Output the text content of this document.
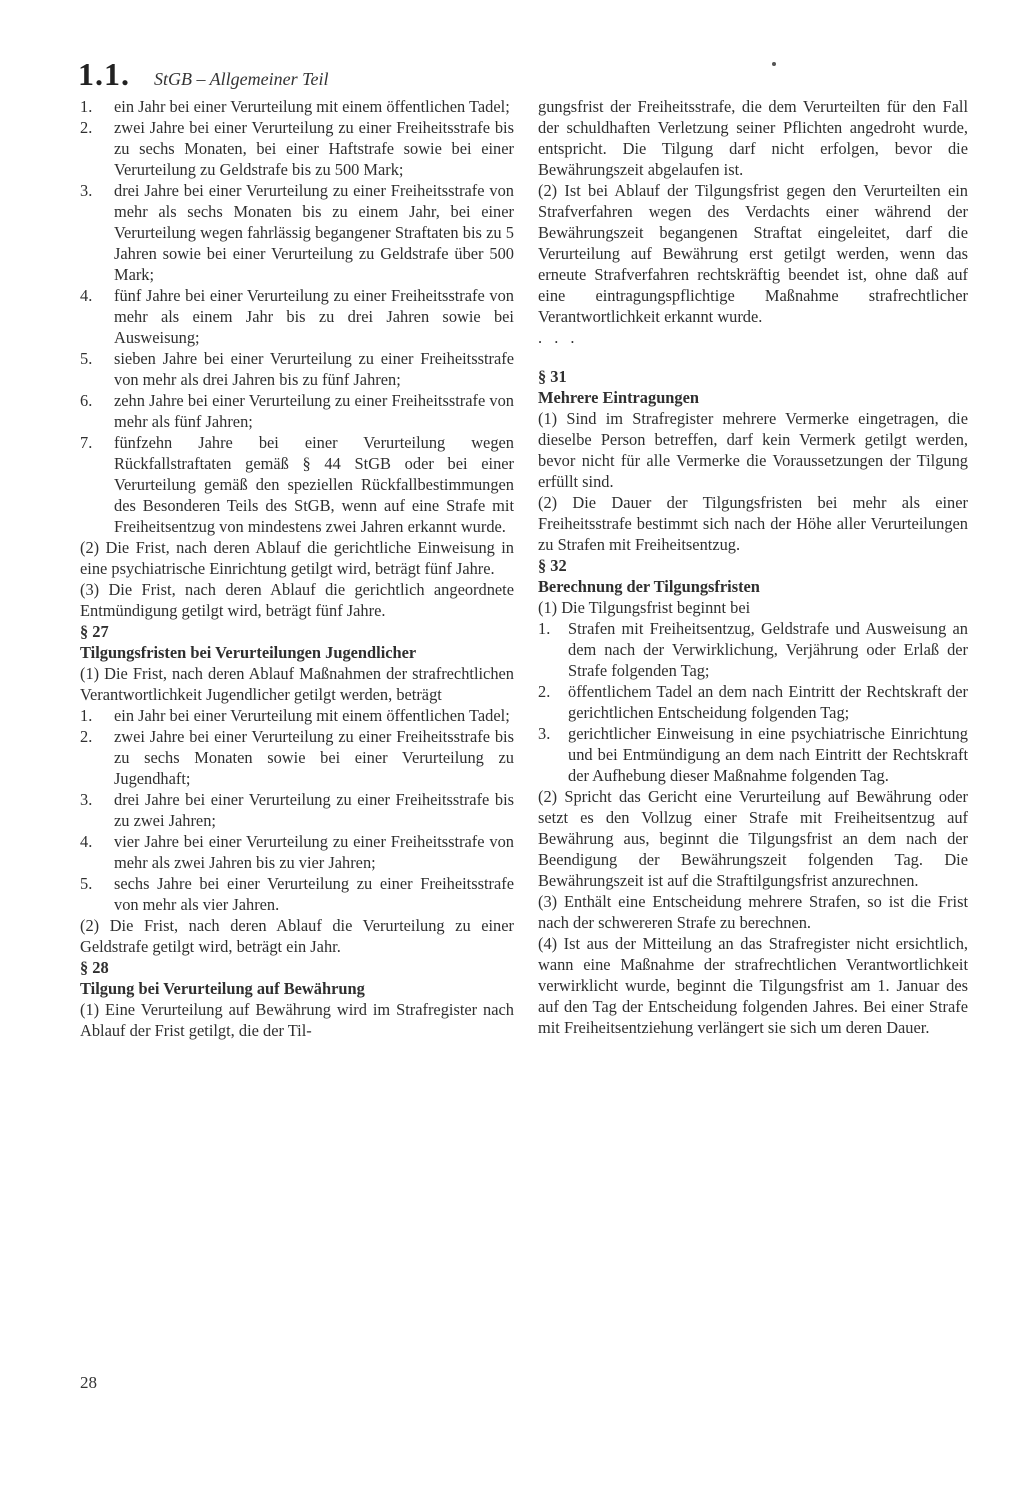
1.1. StGB – Allgemeiner Teil
1. ein Jahr bei einer Verurteilung mit einem öffentlichen Tadel;
2. zwei Jahre bei einer Verurteilung zu einer Freiheitsstrafe bis zu sechs Monaten, bei einer Haftstrafe sowie bei einer Verurteilung zu Geldstrafe bis zu 500 Mark;
3. drei Jahre bei einer Verurteilung zu einer Freiheitsstrafe von mehr als sechs Monaten bis zu einem Jahr, bei einer Verurteilung wegen fahrlässig begangener Straftaten bis zu 5 Jahren sowie bei einer Verurteilung zu Geldstrafe über 500 Mark;
4. fünf Jahre bei einer Verurteilung zu einer Freiheitsstrafe von mehr als einem Jahr bis zu drei Jahren sowie bei Ausweisung;
5. sieben Jahre bei einer Verurteilung zu einer Freiheitsstrafe von mehr als drei Jahren bis zu fünf Jahren;
6. zehn Jahre bei einer Verurteilung zu einer Freiheitsstrafe von mehr als fünf Jahren;
7. fünfzehn Jahre bei einer Verurteilung wegen Rückfallstraftaten gemäß § 44 StGB oder bei einer Verurteilung gemäß den speziellen Rückfallbestimmungen des Besonderen Teils des StGB, wenn auf eine Strafe mit Freiheitsentzug von mindestens zwei Jahren erkannt wurde.

(2) Die Frist, nach deren Ablauf die gerichtliche Einweisung in eine psychiatrische Einrichtung getilgt wird, beträgt fünf Jahre.

(3) Die Frist, nach deren Ablauf die gerichtlich angeordnete Entmündigung getilgt wird, beträgt fünf Jahre.

§ 27

Tilgungsfristen bei Verurteilungen Jugendlicher

(1) Die Frist, nach deren Ablauf Maßnahmen der strafrechtlichen Verantwortlichkeit Jugendlicher getilgt werden, beträgt

1. ein Jahr bei einer Verurteilung mit einem öffentlichen Tadel;
2. zwei Jahre bei einer Verurteilung zu einer Freiheitsstrafe bis zu sechs Monaten sowie bei einer Verurteilung zu Jugendhaft;
3. drei Jahre bei einer Verurteilung zu einer Freiheitsstrafe bis zu zwei Jahren;
4. vier Jahre bei einer Verurteilung zu einer Freiheitsstrafe von mehr als zwei Jahren bis zu vier Jahren;
5. sechs Jahre bei einer Verurteilung zu einer Freiheitsstrafe von mehr als vier Jahren.

(2) Die Frist, nach deren Ablauf die Verurteilung zu einer Geldstrafe getilgt wird, beträgt ein Jahr.

§ 28

Tilgung bei Verurteilung auf Bewährung

(1) Eine Verurteilung auf Bewährung wird im Strafregister nach Ablauf der Frist getilgt, die der Til-

gungsfrist der Freiheitsstrafe, die dem Verurteilten für den Fall der schuldhaften Verletzung seiner Pflichten angedroht wurde, entspricht. Die Tilgung darf nicht erfolgen, bevor die Bewährungszeit abgelaufen ist.

(2) Ist bei Ablauf der Tilgungsfrist gegen den Verurteilten ein Strafverfahren wegen des Verdachts einer während der Bewährungszeit begangenen Straftat eingeleitet, darf die Verurteilung auf Bewährung erst getilgt werden, wenn das erneute Strafverfahren rechtskräftig beendet ist, ohne daß auf eine eintragungspflichtige Maßnahme strafrechtlicher Verantwortlichkeit erkannt wurde.

. . .

§ 31

Mehrere Eintragungen

(1) Sind im Strafregister mehrere Vermerke eingetragen, die dieselbe Person betreffen, darf kein Vermerk getilgt werden, bevor nicht für alle Vermerke die Voraussetzungen der Tilgung erfüllt sind.

(2) Die Dauer der Tilgungsfristen bei mehr als einer Freiheitsstrafe bestimmt sich nach der Höhe aller Verurteilungen zu Strafen mit Freiheitsentzug.

§ 32

Berechnung der Tilgungsfristen

(1) Die Tilgungsfrist beginnt bei

1. Strafen mit Freiheitsentzug, Geldstrafe und Ausweisung an dem nach der Verwirklichung, Verjährung oder Erlaß der Strafe folgenden Tag;
2. öffentlichem Tadel an dem nach Eintritt der Rechtskraft der gerichtlichen Entscheidung folgenden Tag;
3. gerichtlicher Einweisung in eine psychiatrische Einrichtung und bei Entmündigung an dem nach Eintritt der Rechtskraft der Aufhebung dieser Maßnahme folgenden Tag.

(2) Spricht das Gericht eine Verurteilung auf Bewährung oder setzt es den Vollzug einer Strafe mit Freiheitsentzug auf Bewährung aus, beginnt die Tilgungsfrist an dem nach der Beendigung der Bewährungszeit folgenden Tag. Die Bewährungszeit ist auf die Straftilgungsfrist anzurechnen.

(3) Enthält eine Entscheidung mehrere Strafen, so ist die Frist nach der schwereren Strafe zu berechnen.

(4) Ist aus der Mitteilung an das Strafregister nicht ersichtlich, wann eine Maßnahme der strafrechtlichen Verantwortlichkeit verwirklicht wurde, beginnt die Tilgungsfrist am 1. Januar des auf den Tag der Entscheidung folgenden Jahres. Bei einer Strafe mit Freiheitsentziehung verlängert sie sich um deren Dauer.

28
